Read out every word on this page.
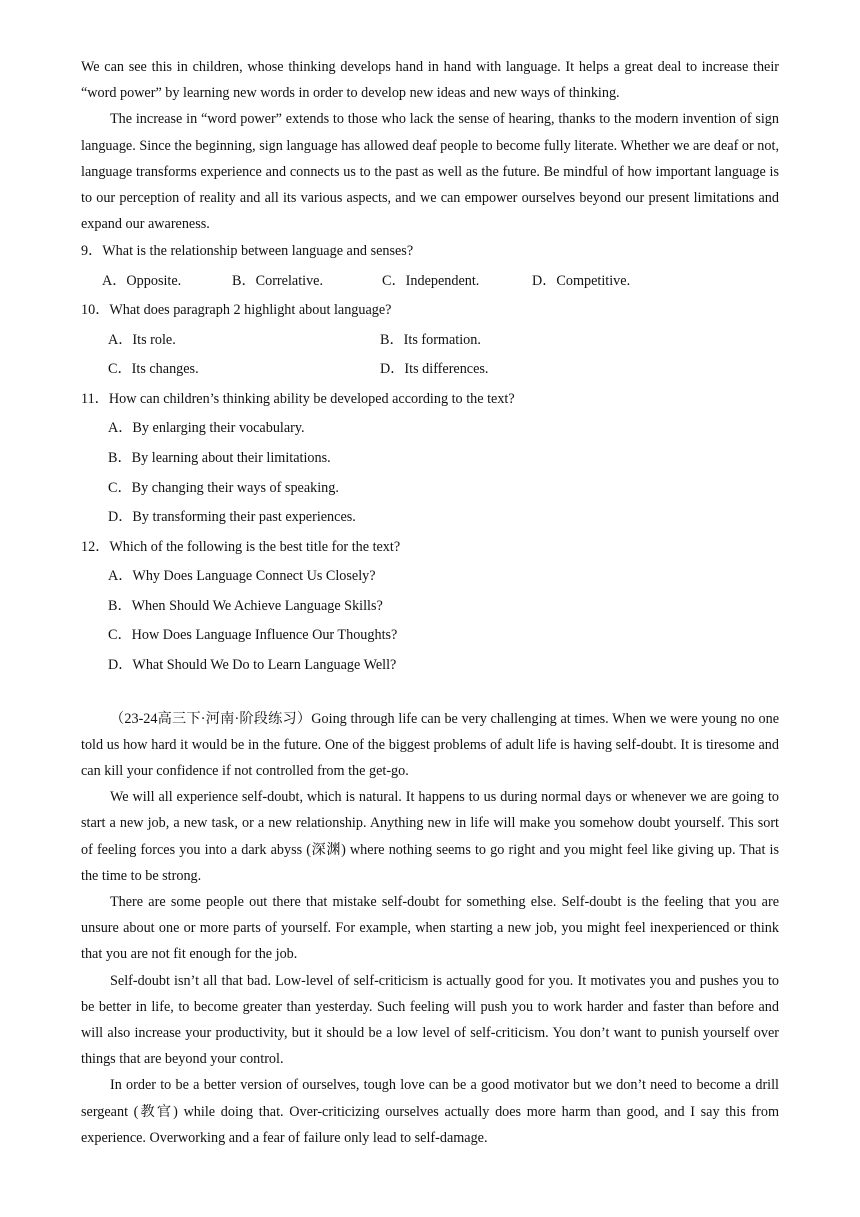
We can see this in children, whose thinking develops hand in hand with language. It helps a great deal to increase their “word power” by learning new words in order to develop new ideas and new ways of thinking.

The increase in “word power” extends to those who lack the sense of hearing, thanks to the modern invention of sign language. Since the beginning, sign language has allowed deaf people to become fully literate. Whether we are deaf or not, language transforms experience and connects us to the past as well as the future. Be mindful of how important language is to our perception of reality and all its various aspects, and we can empower ourselves beyond our present limitations and expand our awareness.

9．What is the relationship between language and senses?

A．Opposite.	B．Correlative.	C．Independent.	D．Competitive.

10．What does paragraph 2 highlight about language?

A．Its role.	B．Its formation.
C．Its changes.	D．Its differences.

11．How can children’s thinking ability be developed according to the text?

A．By enlarging their vocabulary.
B．By learning about their limitations.
C．By changing their ways of speaking.
D．By transforming their past experiences.

12．Which of the following is the best title for the text?

A．Why Does Language Connect Us Closely?
B．When Should We Achieve Language Skills?
C．How Does Language Influence Our Thoughts?
D．What Should We Do to Learn Language Well?

（23-24高三下·河南·阶段练习）Going through life can be very challenging at times. When we were young no one told us how hard it would be in the future. One of the biggest problems of adult life is having self-doubt. It is tiresome and can kill your confidence if not controlled from the get-go.

We will all experience self-doubt, which is natural. It happens to us during normal days or whenever we are going to start a new job, a new task, or a new relationship. Anything new in life will make you somehow doubt yourself. This sort of feeling forces you into a dark abyss (深渊) where nothing seems to go right and you might feel like giving up. That is the time to be strong.

There are some people out there that mistake self-doubt for something else. Self-doubt is the feeling that you are unsure about one or more parts of yourself. For example, when starting a new job, you might feel inexperienced or think that you are not fit enough for the job.

Self-doubt isn’t all that bad. Low-level of self-criticism is actually good for you. It motivates you and pushes you to be better in life, to become greater than yesterday. Such feeling will push you to work harder and faster than before and will also increase your productivity, but it should be a low level of self-criticism. You don’t want to punish yourself over things that are beyond your control.

In order to be a better version of ourselves, tough love can be a good motivator but we don’t need to become a drill sergeant (教官) while doing that. Over-criticizing ourselves actually does more harm than good, and I say this from experience. Overworking and a fear of failure only lead to self-damage.
